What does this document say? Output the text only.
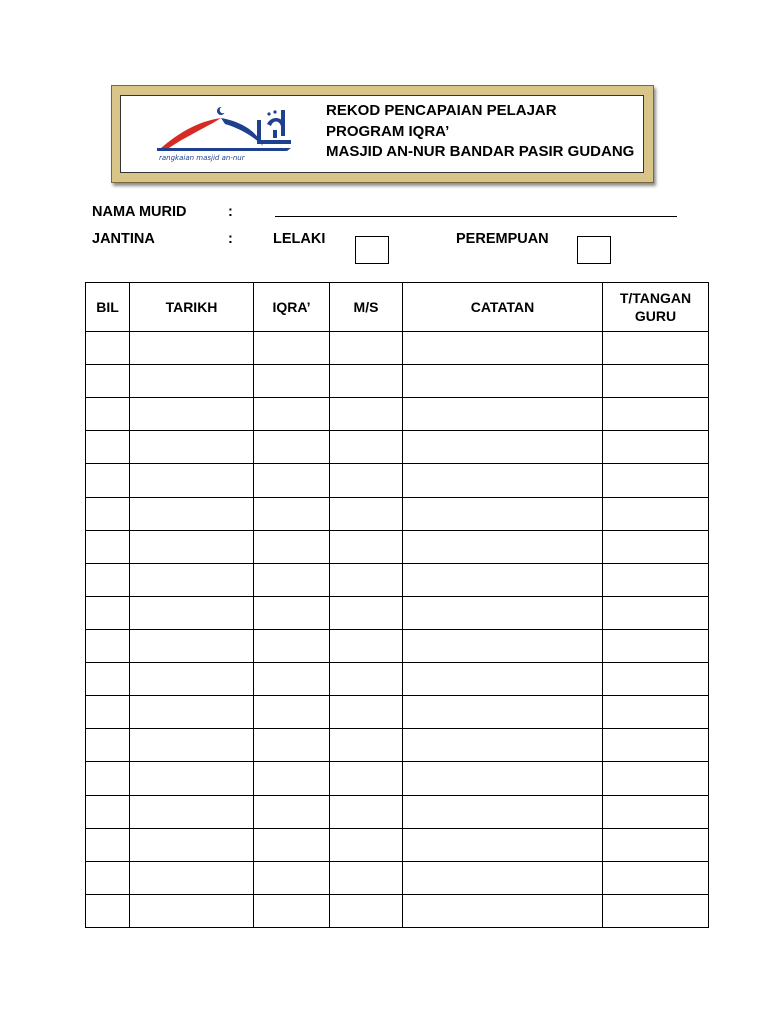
rangkaian masjid an-nur
REKOD PENCAPAIAN PELAJAR
PROGRAM IQRA’
MASJID AN-NUR BANDAR PASIR GUDANG
NAMA MURID	:
JANTINA	:	LELAKI	PEREMPUAN
BIL	TARIKH	IQRA’	M/S	CATATAN	T/TANGAN GURU
